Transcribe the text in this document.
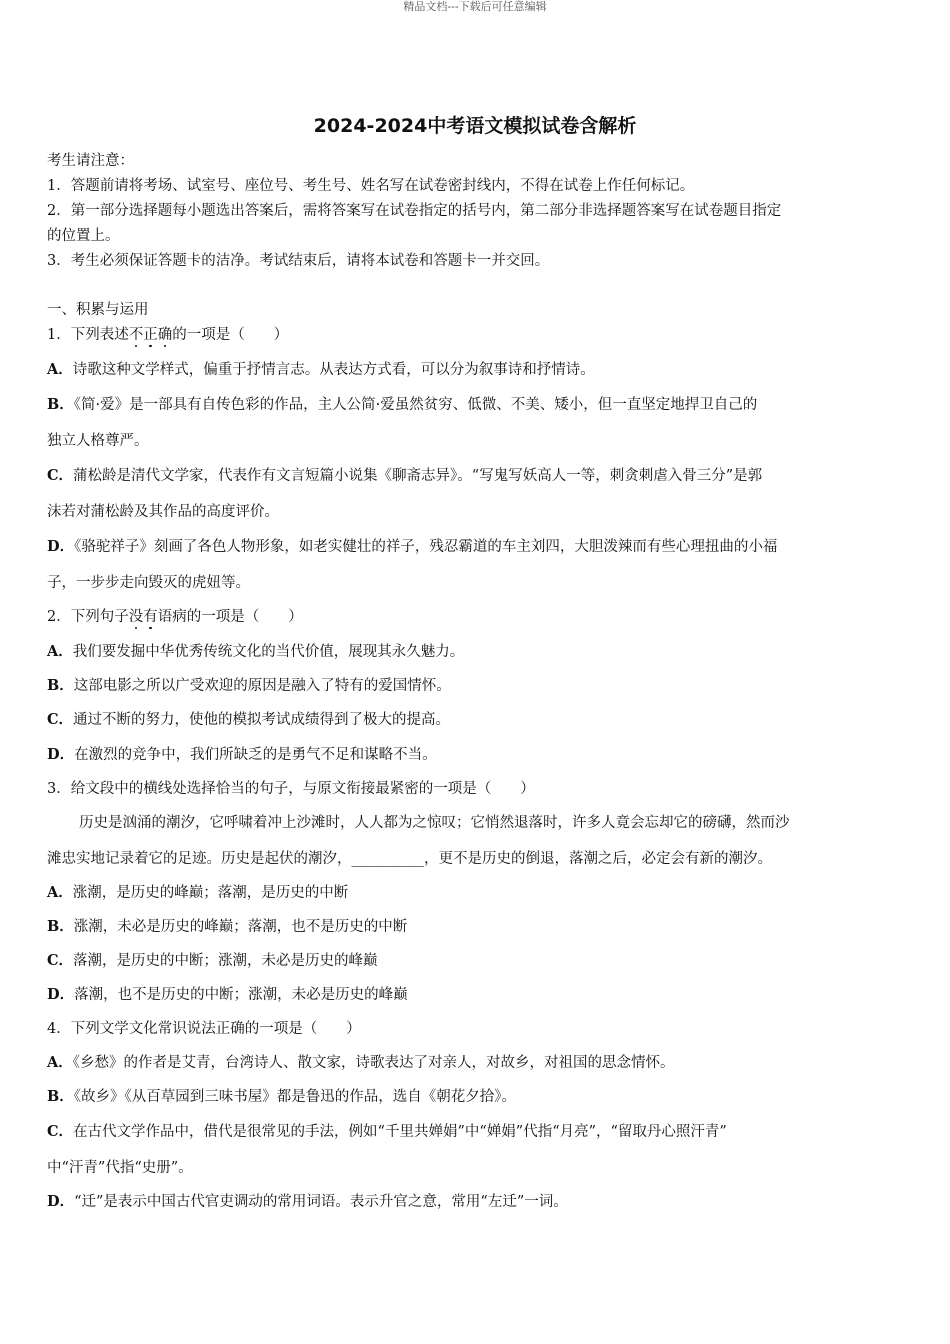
精品文档---下载后可任意编辑
2024-2024中考语文模拟试卷含解析
考生请注意：
1．答题前请将考场、试室号、座位号、考生号、姓名写在试卷密封线内，不得在试卷上作任何标记。
2．第一部分选择题每小题选出答案后，需将答案写在试卷指定的括号内，第二部分非选择题答案写在试卷题目指定
的位置上。
3．考生必须保证答题卡的洁净。考试结束后，请将本试卷和答题卡一并交回。
一、积累与运用
1．下列表述不正确的一项是（　　）
A．诗歌这种文学样式，偏重于抒情言志。从表达方式看，可以分为叙事诗和抒情诗。
B．《简·爱》是一部具有自传色彩的作品，主人公简·爱虽然贫穷、低微、不美、矮小，但一直坚定地捍卫自己的
独立人格尊严。
C．蒲松龄是清代文学家，代表作有文言短篇小说集《聊斋志异》。“写鬼写妖高人一等，刺贪刺虐入骨三分”是郭
沫若对蒲松龄及其作品的高度评价。
D．《骆驼祥子》刻画了各色人物形象，如老实健壮的祥子，残忍霸道的车主刘四，大胆泼辣而有些心理扭曲的小福
子，一步步走向毁灭的虎妞等。
2．下列句子没有语病的一项是（　　）
A．我们要发掘中华优秀传统文化的当代价值，展现其永久魅力。
B．这部电影之所以广受欢迎的原因是融入了特有的爱国情怀。
C．通过不断的努力，使他的模拟考试成绩得到了极大的提高。
D．在激烈的竞争中，我们所缺乏的是勇气不足和谋略不当。
3．给文段中的横线处选择恰当的句子，与原文衔接最紧密的一项是（　　）
历史是汹涌的潮汐，它呼啸着冲上沙滩时，人人都为之惊叹；它悄然退落时，许多人竟会忘却它的磅礴，然而沙
滩忠实地记录着它的足迹。历史是起伏的潮汐，__________，更不是历史的倒退，落潮之后，必定会有新的潮汐。
A．涨潮，是历史的峰巅；落潮，是历史的中断
B．涨潮，未必是历史的峰巅；落潮，也不是历史的中断
C．落潮，是历史的中断；涨潮，未必是历史的峰巅
D．落潮，也不是历史的中断；涨潮，未必是历史的峰巅
4．下列文学文化常识说法正确的一项是（　　）
A．《乡愁》的作者是艾青，台湾诗人、散文家，诗歌表达了对亲人，对故乡，对祖国的思念情怀。
B．《故乡》《从百草园到三味书屋》都是鲁迅的作品，选自《朝花夕拾》。
C．在古代文学作品中，借代是很常见的手法，例如“千里共婵娟”中“婵娟”代指“月亮”，“留取丹心照汗青”
中“汗青”代指“史册”。
D．“迁”是表示中国古代官吏调动的常用词语。表示升官之意，常用“左迁”一词。
